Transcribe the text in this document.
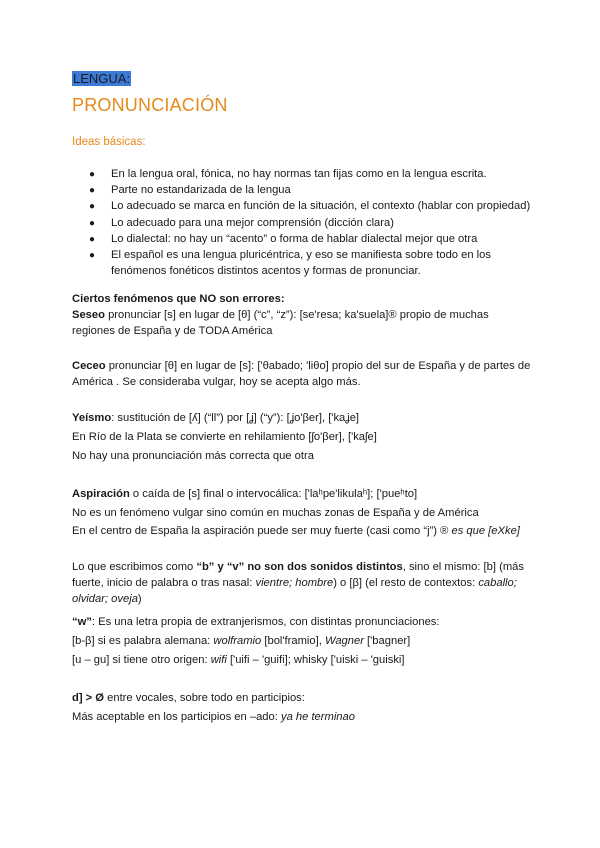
LENGUA:
PRONUNCIACIÓN
Ideas básicas:
● En la lengua oral, fónica, no hay normas tan fijas como en la lengua escrita.
● Parte no estandarizada de la lengua
● Lo adecuado se marca en función de la situación, el contexto (hablar con propiedad)
● Lo adecuado para una mejor comprensión (dicción clara)
● Lo dialectal: no hay un “acento” o forma de hablar dialectal mejor que otra
● El español es una lengua pluricéntrica, y eso se manifiesta sobre todo en los fenómenos fonéticos distintos acentos y formas de pronunciar.

Ciertos fenómenos que NO son errores:

Seseo pronunciar [s] en lugar de [θ] (“c”, “z”): [se'resa; ka'suela]® propio de muchas regiones de España y de TODA América

Ceceo pronunciar [θ] en lugar de [s]: ['θabado; 'liθo] propio del sur de España y de partes de América . Se consideraba vulgar, hoy se acepta algo más.

Yeísmo: sustitución de [ʎ] (“ll”) por [ʝ] (“y”): [ʝo'βer], ['kaʝe]

En Río de la Plata se convierte en rehilamiento [ʃo'βer], ['kaʃe]

No hay una pronunciación más correcta que otra

Aspiración o caída de [s] final o intervocálica: ['laʰpe'likulaʰ]; ['pueʰto]

No es un fenómeno vulgar sino común en muchas zonas de España y de América

En el centro de España la aspiración puede ser muy fuerte (casi como “j”) ® es que [eXke]

Lo que escribimos como “b” y “v” no son dos sonidos distintos, sino el mismo: [b] (más fuerte, inicio de palabra o tras nasal: vientre; hombre) o [β] (el resto de contextos: caballo; olvidar; oveja)

“w”: Es una letra propia de extranjerismos, con distintas pronunciaciones:

[b-β] si es palabra alemana: wolframio [bol'framio], Wagner ['bagner]

[u – gu] si tiene otro origen: wifi ['uifi – 'guifi]; whisky ['uiski – 'guiski]

d] > Ø entre vocales, sobre todo en participios:

Más aceptable en los participios en –ado: ya he terminao
